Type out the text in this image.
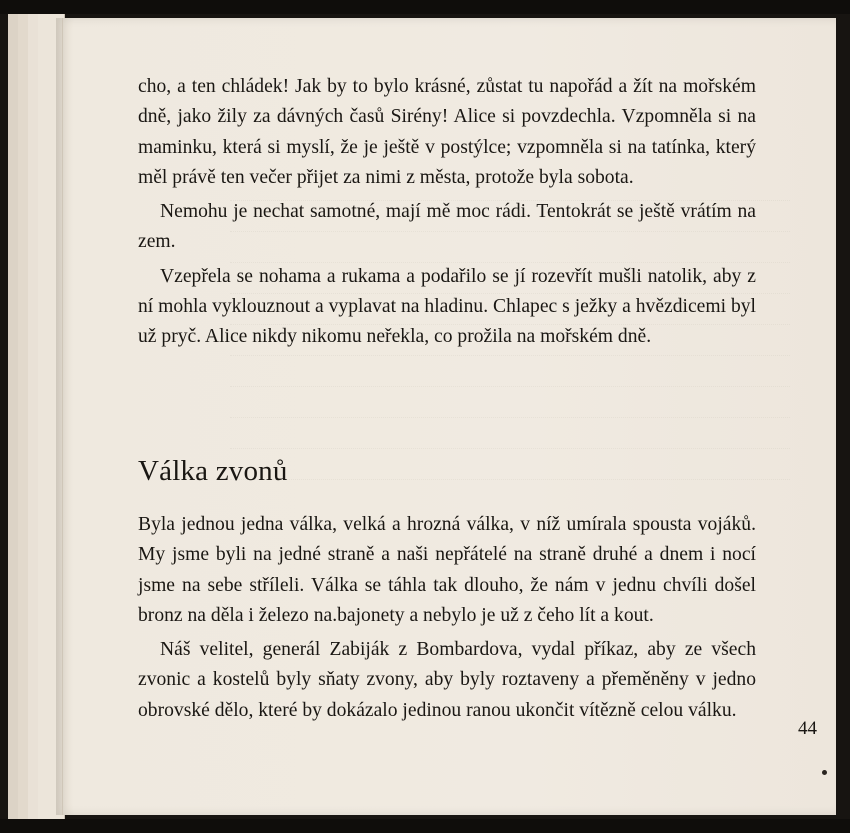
cho, a ten chládek! Jak by to bylo krásné, zůstat tu napořád a žít na mořském dně, jako žily za dávných časů Sirény! Alice si povzdechla. Vzpomněla si na maminku, která si myslí, že je ještě v postýlce; vzpomněla si na tatínka, který měl právě ten večer přijet za nimi z města, protože byla sobota.

Nemohu je nechat samotné, mají mě moc rádi. Tentokrát se ještě vrátím na zem.

Vzepřela se nohama a rukama a podařilo se jí rozevřít mušli natolik, aby z ní mohla vyklouznout a vyplavat na hladinu. Chlapec s ježky a hvězdicemi byl už pryč. Alice nikdy nikomu neřekla, co prožila na mořském dně.

Válka zvonů

Byla jednou jedna válka, velká a hrozná válka, v níž umírala spousta vojáků. My jsme byli na jedné straně a naši nepřátelé na straně druhé a dnem i nocí jsme na sebe stříleli. Válka se táhla tak dlouho, že nám v jednu chvíli došel bronz na děla i železo na.bajonety a nebylo je už z čeho lít a kout.

Náš velitel, generál Zabiják z Bombardova, vydal příkaz, aby ze všech zvonic a kostelů byly sňaty zvony, aby byly roztaveny a přeměněny v jedno obrovské dělo, které by dokázalo jedinou ranou ukončit vítězně celou válku.

44
